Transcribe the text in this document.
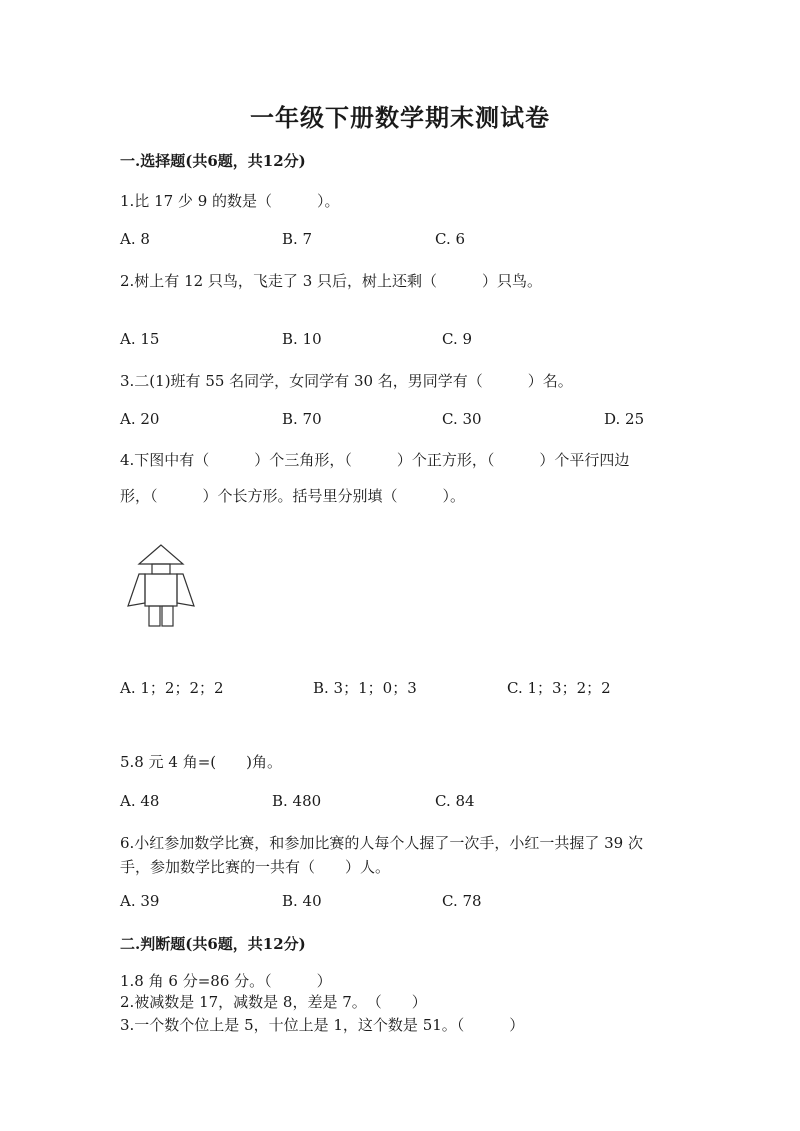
一年级下册数学期末测试卷
一.选择题(共6题，共12分)
1.比 17 少 9 的数是（　　　）。
A. 8	B. 7	C. 6
2.树上有 12 只鸟，飞走了 3 只后，树上还剩（　　　）只鸟。
A. 15	B. 10	C. 9
3.二(1)班有 55 名同学，女同学有 30 名，男同学有（　　　）名。
A. 20	B. 70	C. 30	D. 25
4.下图中有（　　　）个三角形，（　　　）个正方形，（　　　）个平行四边
形，（　　　）个长方形。括号里分别填（　　　）。
A. 1；2；2；2	B. 3；1；0；3	C. 1；3；2；2
5.8 元 4 角=(　　)角。
A. 48	B. 480	C. 84
6.小红参加数学比赛，和参加比赛的人每个人握了一次手，小红一共握了 39 次
手，参加数学比赛的一共有（　　）人。
A. 39	B. 40	C. 78
二.判断题(共6题，共12分)
1.8 角 6 分=86 分。（　　　）
2.被减数是 17，减数是 8，差是 7。　（　　）
3.一个数个位上是 5，十位上是 1，这个数是 51。（　　　）
